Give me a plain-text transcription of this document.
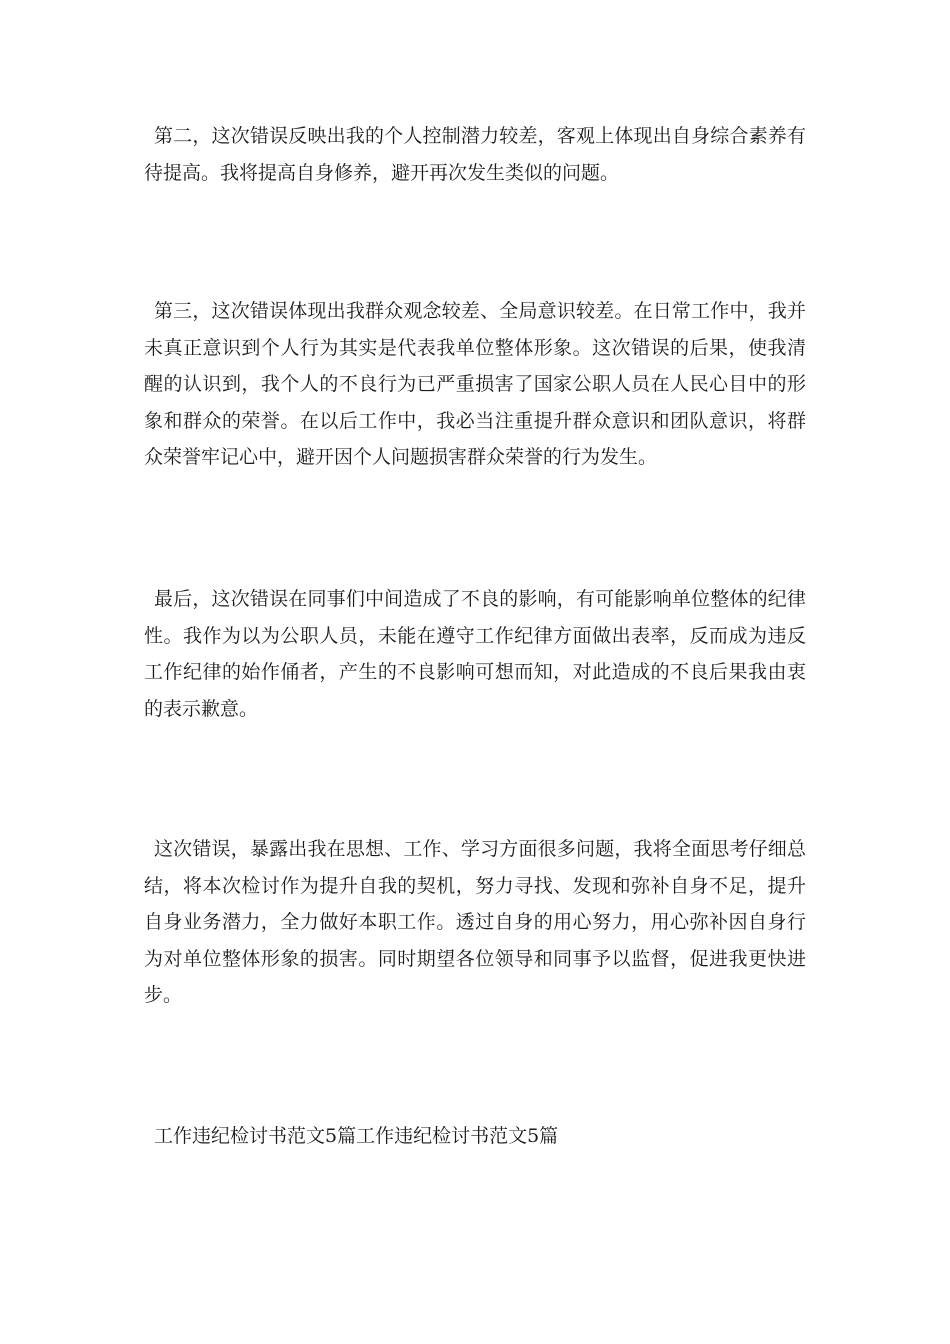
第二，这次错误反映出我的个人控制潜力较差，客观上体现出自身综合素养有待提高。我将提高自身修养，避开再次发生类似的问题。

第三，这次错误体现出我群众观念较差、全局意识较差。在日常工作中，我并未真正意识到个人行为其实是代表我单位整体形象。这次错误的后果，使我清醒的认识到，我个人的不良行为已严重损害了国家公职人员在人民心目中的形象和群众的荣誉。在以后工作中，我必当注重提升群众意识和团队意识，将群众荣誉牢记心中，避开因个人问题损害群众荣誉的行为发生。

最后，这次错误在同事们中间造成了不良的影响，有可能影响单位整体的纪律性。我作为以为公职人员，未能在遵守工作纪律方面做出表率，反而成为违反工作纪律的始作俑者，产生的不良影响可想而知，对此造成的不良后果我由衷的表示歉意。

这次错误，暴露出我在思想、工作、学习方面很多问题，我将全面思考仔细总结，将本次检讨作为提升自我的契机，努力寻找、发现和弥补自身不足，提升自身业务潜力，全力做好本职工作。透过自身的用心努力，用心弥补因自身行为对单位整体形象的损害。同时期望各位领导和同事予以监督，促进我更快进步。

工作违纪检讨书范文5篇工作违纪检讨书范文5篇
